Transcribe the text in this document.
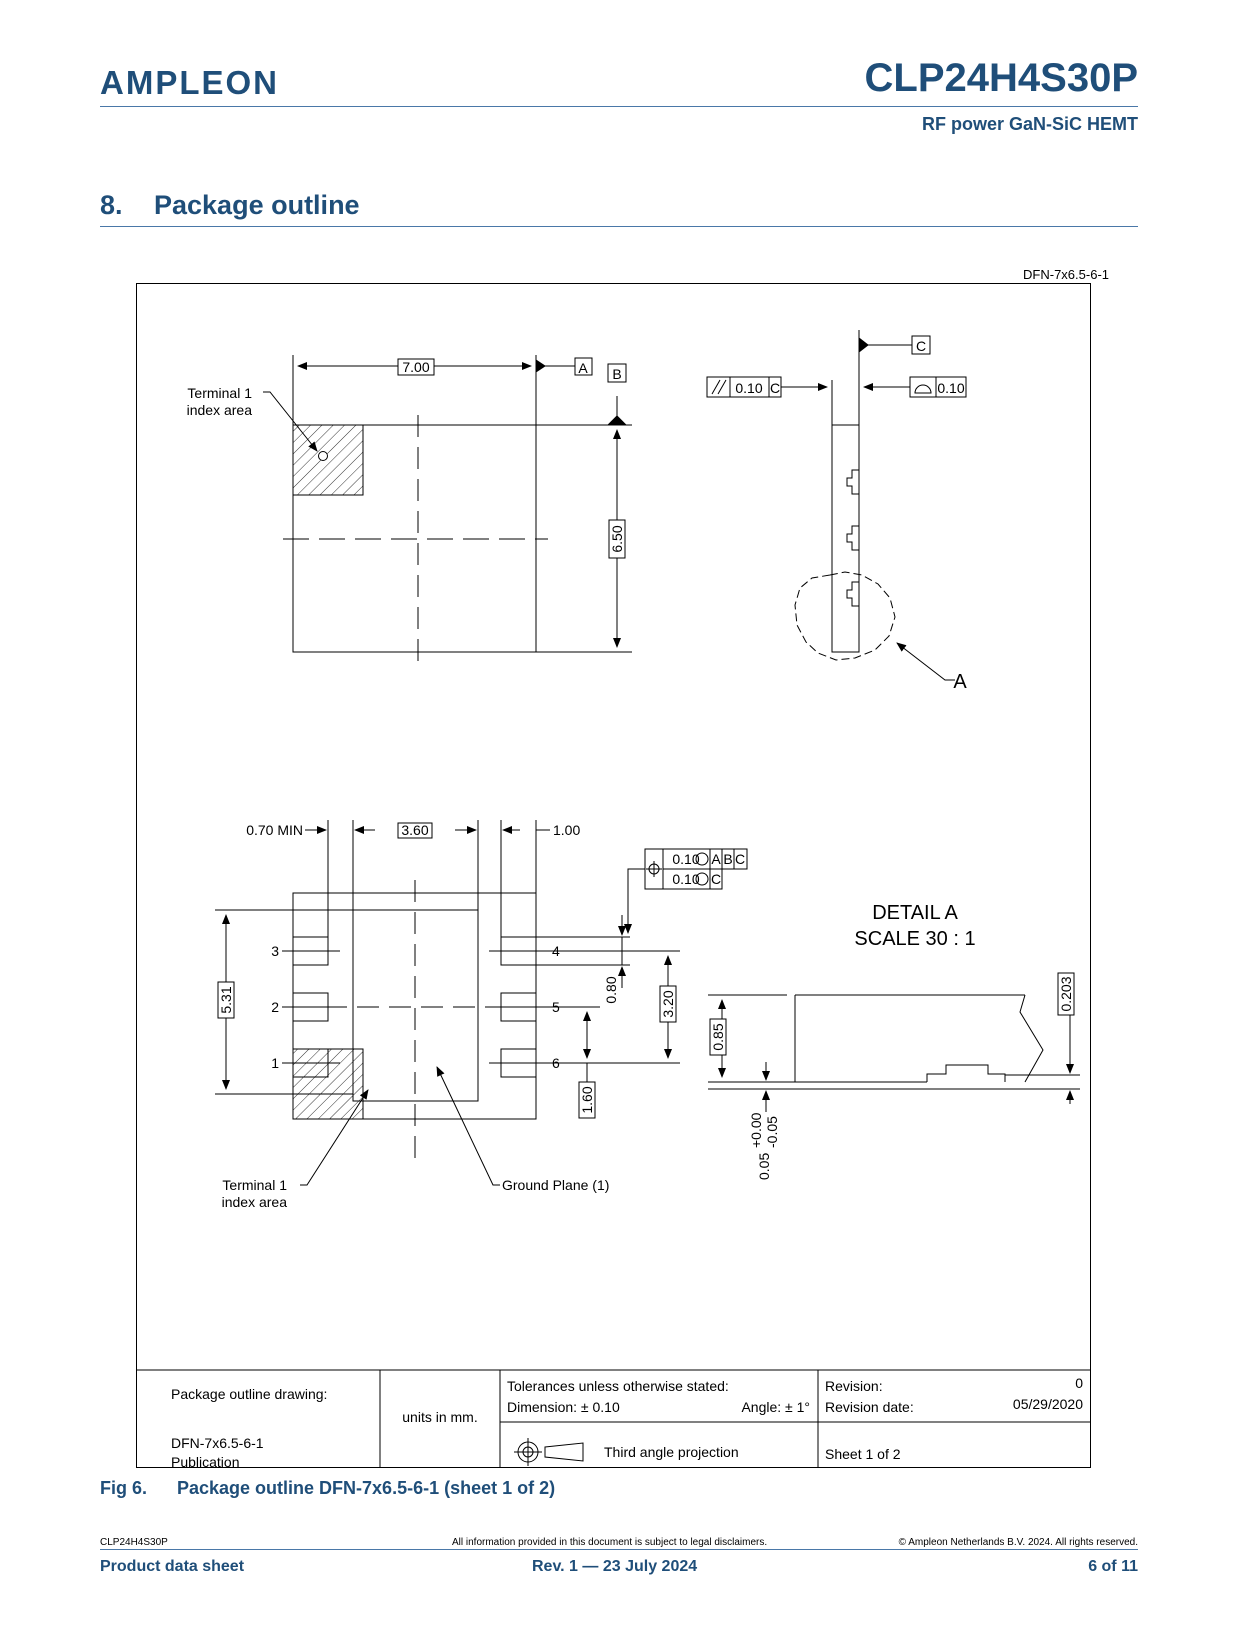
AMPLEON	CLP24H4S30P
RF power GaN-SiC HEMT
8. Package outline
DFN-7x6.5-6-1
7.00	A B
6.50
Terminal 1
index area
C
0.10 C	0.10
A
0.70 MIN	3.60	1.00
5.31	0.80
3.20
1.60
0.10 A B C
0.10 C
1
2
3	4
5
6
Terminal 1
index area
Ground Plane (1)
DETAIL A
SCALE 30 : 1
0.85
0.203
0.05
+0.00 -0.05
Package outline drawing:
DFN-7x6.5-6-1
Publication
units in mm.
Tolerances unless otherwise stated:
Dimension: ± 0.10	Angle: ± 1°
Third angle projection
Revision:	0
Revision date:	05/29/2020
Sheet 1 of 2
Fig 6. Package outline DFN-7x6.5-6-1 (sheet 1 of 2)
CLP24H4S30P	All information provided in this document is subject to legal disclaimers.	© Ampleon Netherlands B.V. 2024. All rights reserved.
Product data sheet	Rev. 1 — 23 July 2024	6 of 11
